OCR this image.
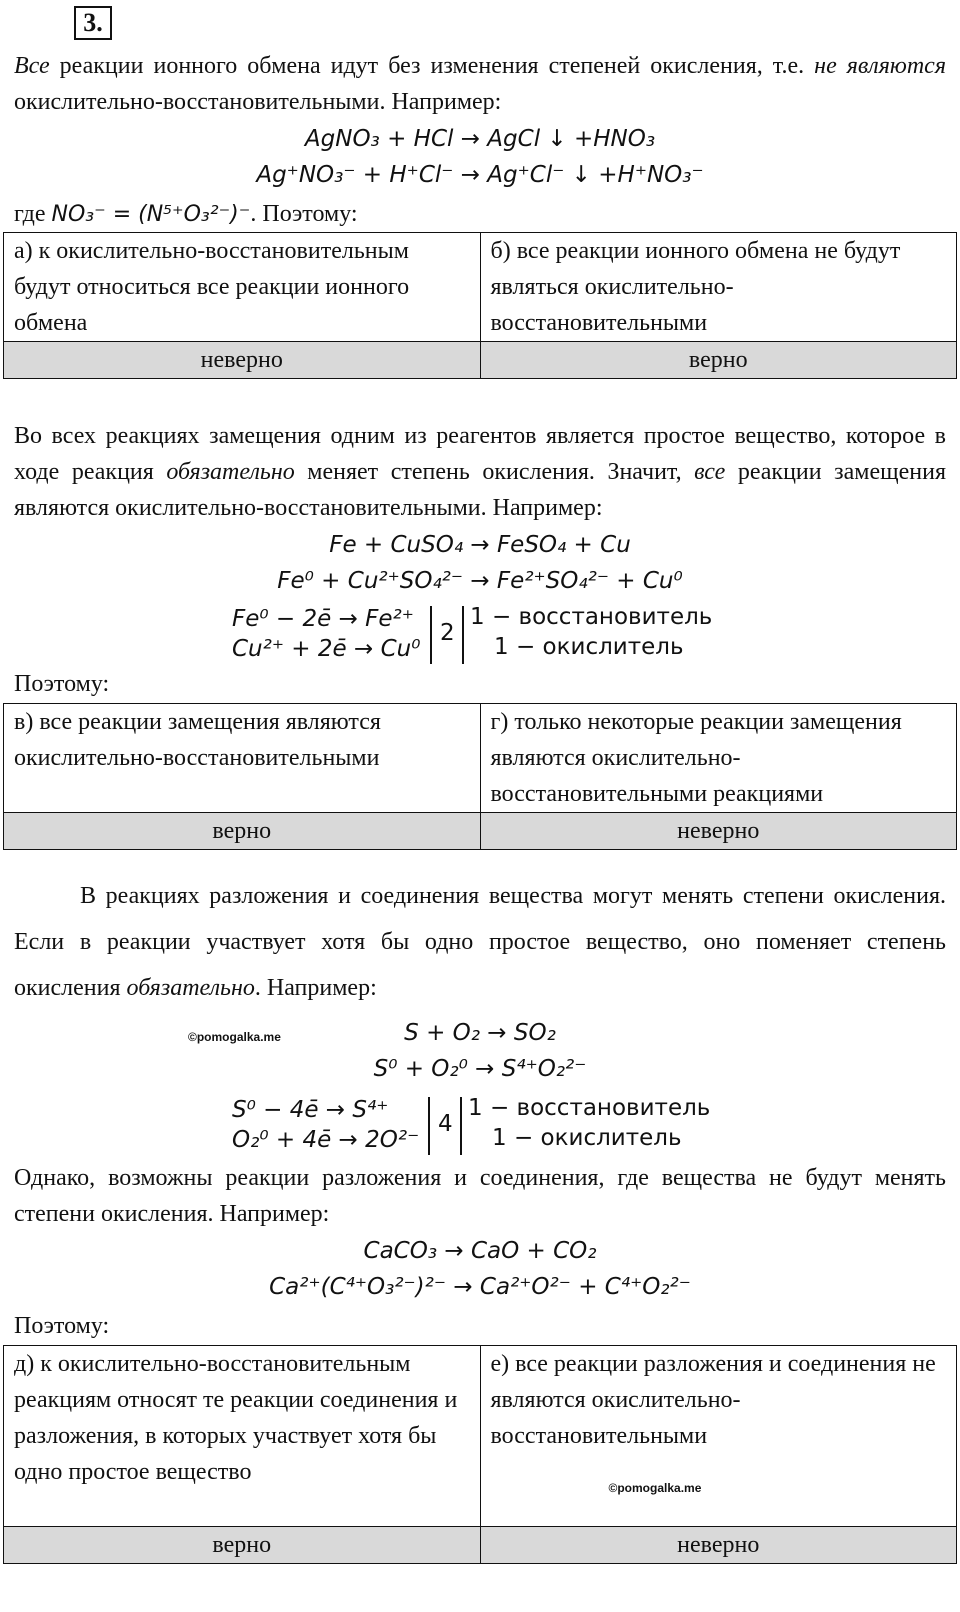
3.
Все реакции ионного обмена идут без изменения степеней окисления, т.е. не являются окислительно-восстановительными. Например:
AgNO₃ + HCl → AgCl ↓ +HNO₃
Ag⁺NO₃⁻ + H⁺Cl⁻ → Ag⁺Cl⁻ ↓ +H⁺NO₃⁻
где NO₃⁻ = (N⁵⁺O₃²⁻)⁻. Поэтому:
а) к окислительно-восстановительным будут относиться все реакции ионного обмена	б) все реакции ионного обмена не будут являться окислительно-восстановительными
неверно	верно
Во всех реакциях замещения одним из реагентов является простое вещество, которое в ходе реакция обязательно меняет степень окисления. Значит, все реакции замещения являются окислительно-восстановительными. Например:
Fe + CuSO₄ → FeSO₄ + Cu
Fe⁰ + Cu²⁺SO₄²⁻ → Fe²⁺SO₄²⁻ + Cu⁰
Fe⁰ − 2ē → Fe²⁺
Cu²⁺ + 2ē → Cu⁰
2
1 − восстановитель
1 − окислитель
Поэтому:
в) все реакции замещения являются окислительно-восстановительными	г) только некоторые реакции замещения являются окислительно-восстановительными реакциями
верно	неверно
В реакциях разложения и соединения вещества могут менять степени окисления. Если в реакции участвует хотя бы одно простое вещество, оно поменяет степень окисления обязательно. Например:
©pomogalka.me	S + O₂ → SO₂
S⁰ + O₂⁰ → S⁴⁺O₂²⁻
S⁰ − 4ē → S⁴⁺
O₂⁰ + 4ē → 2O²⁻
4
1 − восстановитель
1 − окислитель
Однако, возможны реакции разложения и соединения, где вещества не будут менять степени окисления. Например:
CaCO₃ → CaO + CO₂
Ca²⁺(C⁴⁺O₃²⁻)²⁻ → Ca²⁺O²⁻ + C⁴⁺O₂²⁻
Поэтому:
д) к окислительно-восстановительным реакциям относят те реакции соединения и разложения, в которых участвует хотя бы одно простое вещество	е) все реакции разложения и соединения не являются окислительно-восстановительными
©pomogalka.me

верно	неверно
